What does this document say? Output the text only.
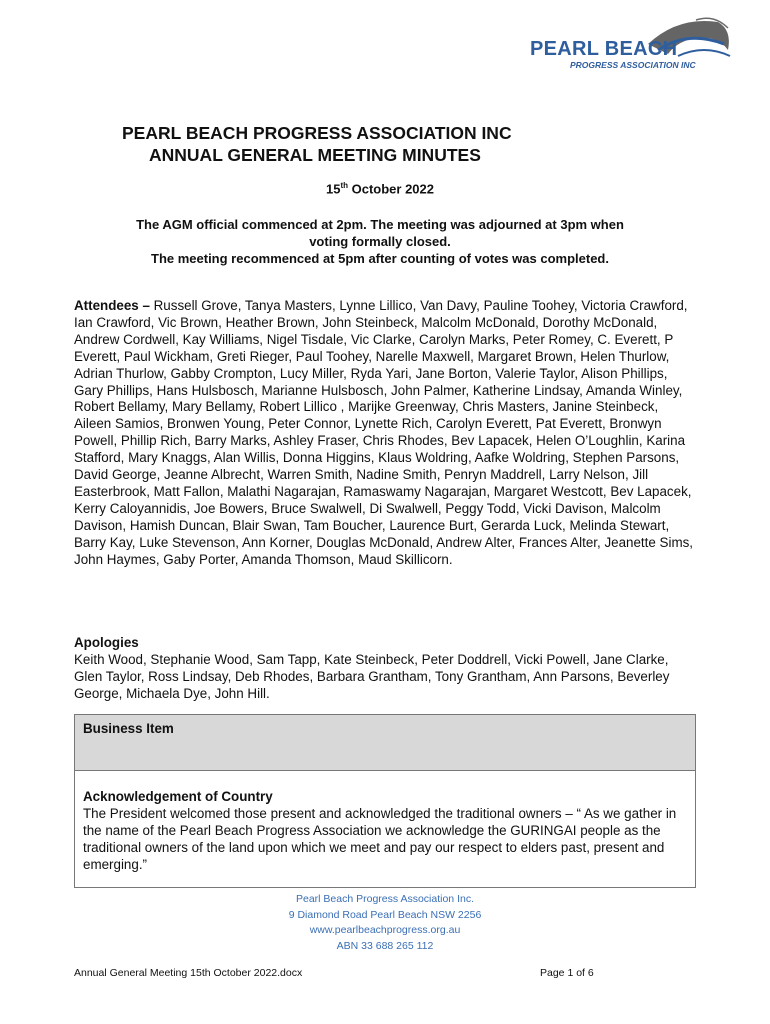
PEARL BEACH
PROGRESS ASSOCIATION INC
PEARL BEACH PROGRESS ASSOCIATION INC
ANNUAL GENERAL MEETING MINUTES
15th October 2022
The AGM official commenced at 2pm. The meeting was adjourned at 3pm when
voting formally closed.
The meeting recommenced at 5pm after counting of votes was completed.
Attendees – Russell Grove, Tanya Masters, Lynne Lillico, Van Davy, Pauline Toohey, Victoria Crawford, Ian Crawford, Vic Brown, Heather Brown, John Steinbeck, Malcolm McDonald, Dorothy McDonald, Andrew Cordwell, Kay Williams, Nigel Tisdale, Vic Clarke, Carolyn Marks, Peter Romey, C. Everett, P Everett, Paul Wickham, Greti Rieger, Paul Toohey, Narelle Maxwell, Margaret Brown, Helen Thurlow, Adrian Thurlow, Gabby Crompton, Lucy Miller, Ryda Yari, Jane Borton, Valerie Taylor, Alison Phillips, Gary Phillips, Hans Hulsbosch, Marianne Hulsbosch, John Palmer, Katherine Lindsay, Amanda Winley, Robert Bellamy, Mary Bellamy, Robert Lillico , Marijke Greenway, Chris Masters, Janine Steinbeck, Aileen Samios, Bronwen Young, Peter Connor, Lynette Rich, Carolyn Everett, Pat Everett, Bronwyn Powell, Phillip Rich, Barry Marks, Ashley Fraser, Chris Rhodes, Bev Lapacek, Helen O’Loughlin, Karina Stafford, Mary Knaggs, Alan Willis, Donna Higgins, Klaus Woldring, Aafke Woldring, Stephen Parsons, David George, Jeanne Albrecht, Warren Smith, Nadine Smith, Penryn Maddrell, Larry Nelson, Jill Easterbrook, Matt Fallon, Malathi Nagarajan, Ramaswamy Nagarajan, Margaret Westcott, Bev Lapacek, Kerry Caloyannidis, Joe Bowers, Bruce Swalwell, Di Swalwell, Peggy Todd, Vicki Davison, Malcolm Davison, Hamish Duncan, Blair Swan, Tam Boucher, Laurence Burt, Gerarda Luck, Melinda Stewart, Barry Kay, Luke Stevenson, Ann Korner, Douglas McDonald, Andrew Alter, Frances Alter, Jeanette Sims, John Haymes, Gaby Porter, Amanda Thomson, Maud Skillicorn.
Apologies
Keith Wood, Stephanie Wood, Sam Tapp, Kate Steinbeck, Peter Doddrell, Vicki Powell, Jane Clarke, Glen Taylor, Ross Lindsay, Deb Rhodes, Barbara Grantham, Tony Grantham, Ann Parsons, Beverley George, Michaela Dye, John Hill.
Business Item
Acknowledgement of Country
The President welcomed those present and acknowledged the traditional owners – “ As we gather in the name of the Pearl Beach Progress Association we acknowledge the GURINGAI people as the traditional owners of the land upon which we meet and pay our respect to elders past, present and emerging.”
Pearl Beach Progress Association Inc.
9 Diamond Road Pearl Beach NSW 2256
www.pearlbeachprogress.org.au
ABN 33 688 265 112
Annual General Meeting 15th October 2022.docx	Page 1 of 6
